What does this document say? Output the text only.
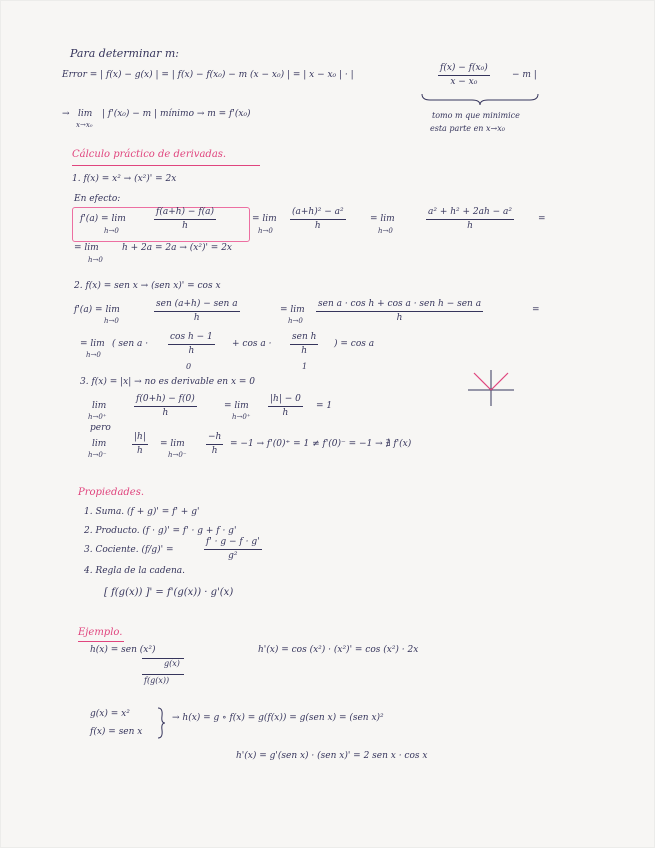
Para determinar m:
Error = | f(x) − g(x) | = | f(x) − f(x₀) − m (x − x₀) | = | x − x₀ | · |	$\frac{\text{f(x) − f(x₀)}}{\text{x − x₀}} - m$ |
→ lim
x→x₀
| f'(x₀) − m | mínimo → m = f'(x₀)	tomo m que minimice
esta parte en x→x₀
Cálculo práctico de derivadas.
1. f(x) = x² → (x²)' = 2x
En efecto:
f'(a) = lim
h→0	$\frac{f(a+h) - f(a)}{h}$	= lim
$h\to 0 \frac{\text{(a+h)² − a²}}{h}$	= lim
h→0	$\frac{\text{a² + h² + 2ah − a²}}{h}$	=
= lim
h→0
h + 2a = 2a → (x²)' = 2x
2. f(x) = sen x → (sen x)' = cos x
f'(a) = lim
h→0
sen (a+h) − sen a
h
= lim
h→0
sen a · cos h + cos a · sen h − sen a
h
=
= lim
h→0
( sen $a \cdot \frac{\text{cos h − 1}}{h}$
0
+ cos a ·
sen h
h
1
) = cos a
3. f(x) = |x| → no es derivable en x = 0
lim
h→0⁺	$\frac{f(0+h) - f(0)}{h}$	= lim
$h\to 0^+ \frac{|h| - 0}{h} = 1$
pero
lim
h→0⁻	$\frac{|h|}{h} = \lim$
$h\to 0^- \frac{-h}{h} = -1 \to f'(0)^+ = 1 \ne f'(0)^- = -1$ → ∄ f'(x)
Propiedades.
1. Suma. (f + g)' = f' + g'
2. Producto. (f · g)' = f' · g + f · g'
3. Cociente. (f/g)' =	$\frac{f' \cdot g - f \cdot g'}{\text{g²}}$
4. Regla de la cadena.
[ f(g(x)) ]' = f'(g(x)) · g'(x)
Ejemplo.
h(x) = sen (x²)
g(x)
f(g(x))
h'(x) = cos (x²) · (x²)' = cos (x²) · 2x
g(x) = x²
f(x) = sen x
→ h(x) = g ∘ f(x) = g(f(x)) = g(sen x) = (sen x)²
h'(x) = g'(sen x) · (sen x)' = 2 sen x · cos x
